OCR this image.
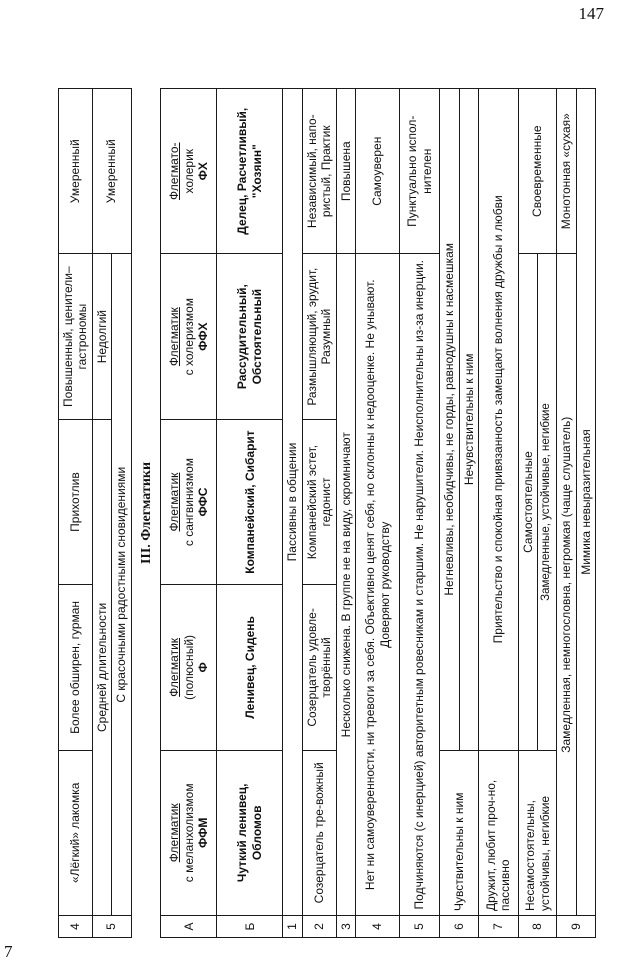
147
4	«Лёгкий» лакомка	Более обширен, гурман	Прихотлив	Повышенный, ценители–гастрономы	Умеренный
5	Средней длительности			Недолгий	Умеренный
	С красочными радостными сновидениями				III. Флегматики
А	Флегматик с меланхолизмом ФФМ	Флегматик (полюсный) Ф	Флегматик с сангвинизмом ФФС	Флегматик с холеризмом ФФХ	Флегмато- холерик ФХ

Б	Чуткий ленивец, Обломов	Ленивец, Сидень	Компанейский, Сибарит	Рассудительный, Обстоятельный	Делец, Расчетливый, "Хозяин"
1	Пассивны в общении				
2	Созерцатель тре-вожный	Созерцатель удовле-творённый	Компанейский эстет, гедонист	Размышляющий, эрудит, Разумный	Независимый, напо-ристый, Практик
3	Несколько снижена. В группе не на виду, скромничают				Повышена
4	Нет ни самоуверенности, ни тревоги за себя. Объективно ценят себя, но склонны к недооценке. Не унывают. Доверяют руководству				Самоуверен
5	Подчиняются (с инерцией) авторитетным ровесникам и старшим. Не нарушители. Неисполнительны из-за инерции.				Пунктуально испол-нителен
6	Чувствительны к ним	Негневливы, необидчивы, не горды, равнодушны к насмешкам			
		Нечувствительны к ним			
7	Дружит, любит проч-но, пассивно	Приятельство и спокойная привязанность замещают волнения дружбы и любви			
8	Несамостоятельны, устойчивы, негибкие	Самостоятельные			Своевременные
		Замедленные, устойчивые, негибкие			
9	Замедленная, немногословна, негромкая (чаще слушатель)				Монотонная «сухая»
	Мимика невыразительная				
7
